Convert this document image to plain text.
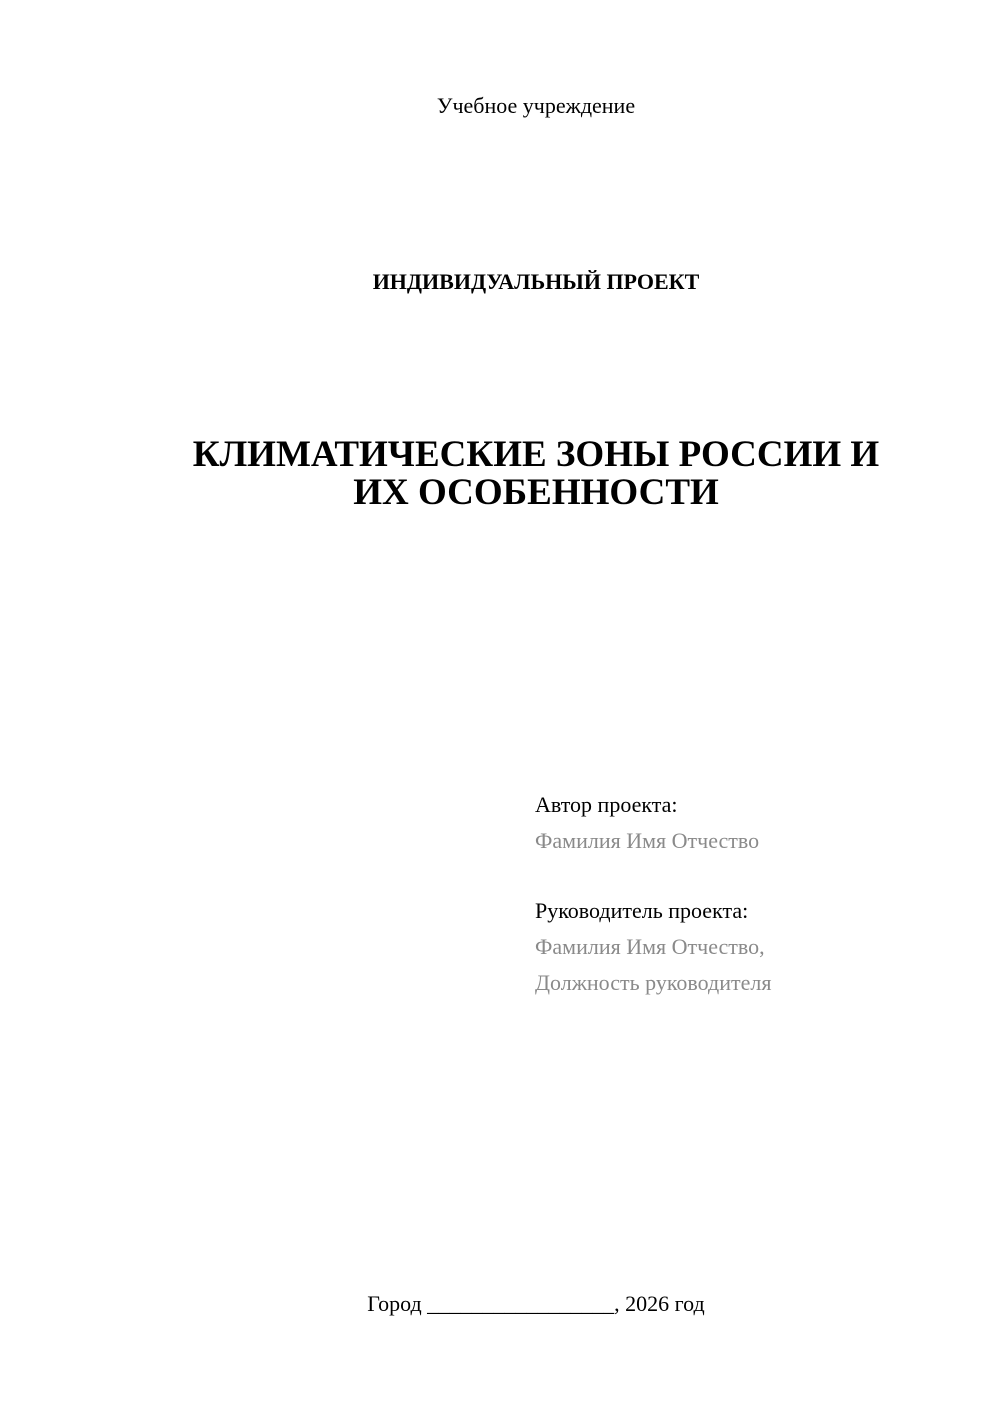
Учебное учреждение
ИНДИВИДУАЛЬНЫЙ ПРОЕКТ
КЛИМАТИЧЕСКИЕ ЗОНЫ РОССИИ И
ИХ ОСОБЕННОСТИ
Автор проекта:
Фамилия Имя Отчество
Руководитель проекта:
Фамилия Имя Отчество,
Должность руководителя
Город _________________, 2026 год
